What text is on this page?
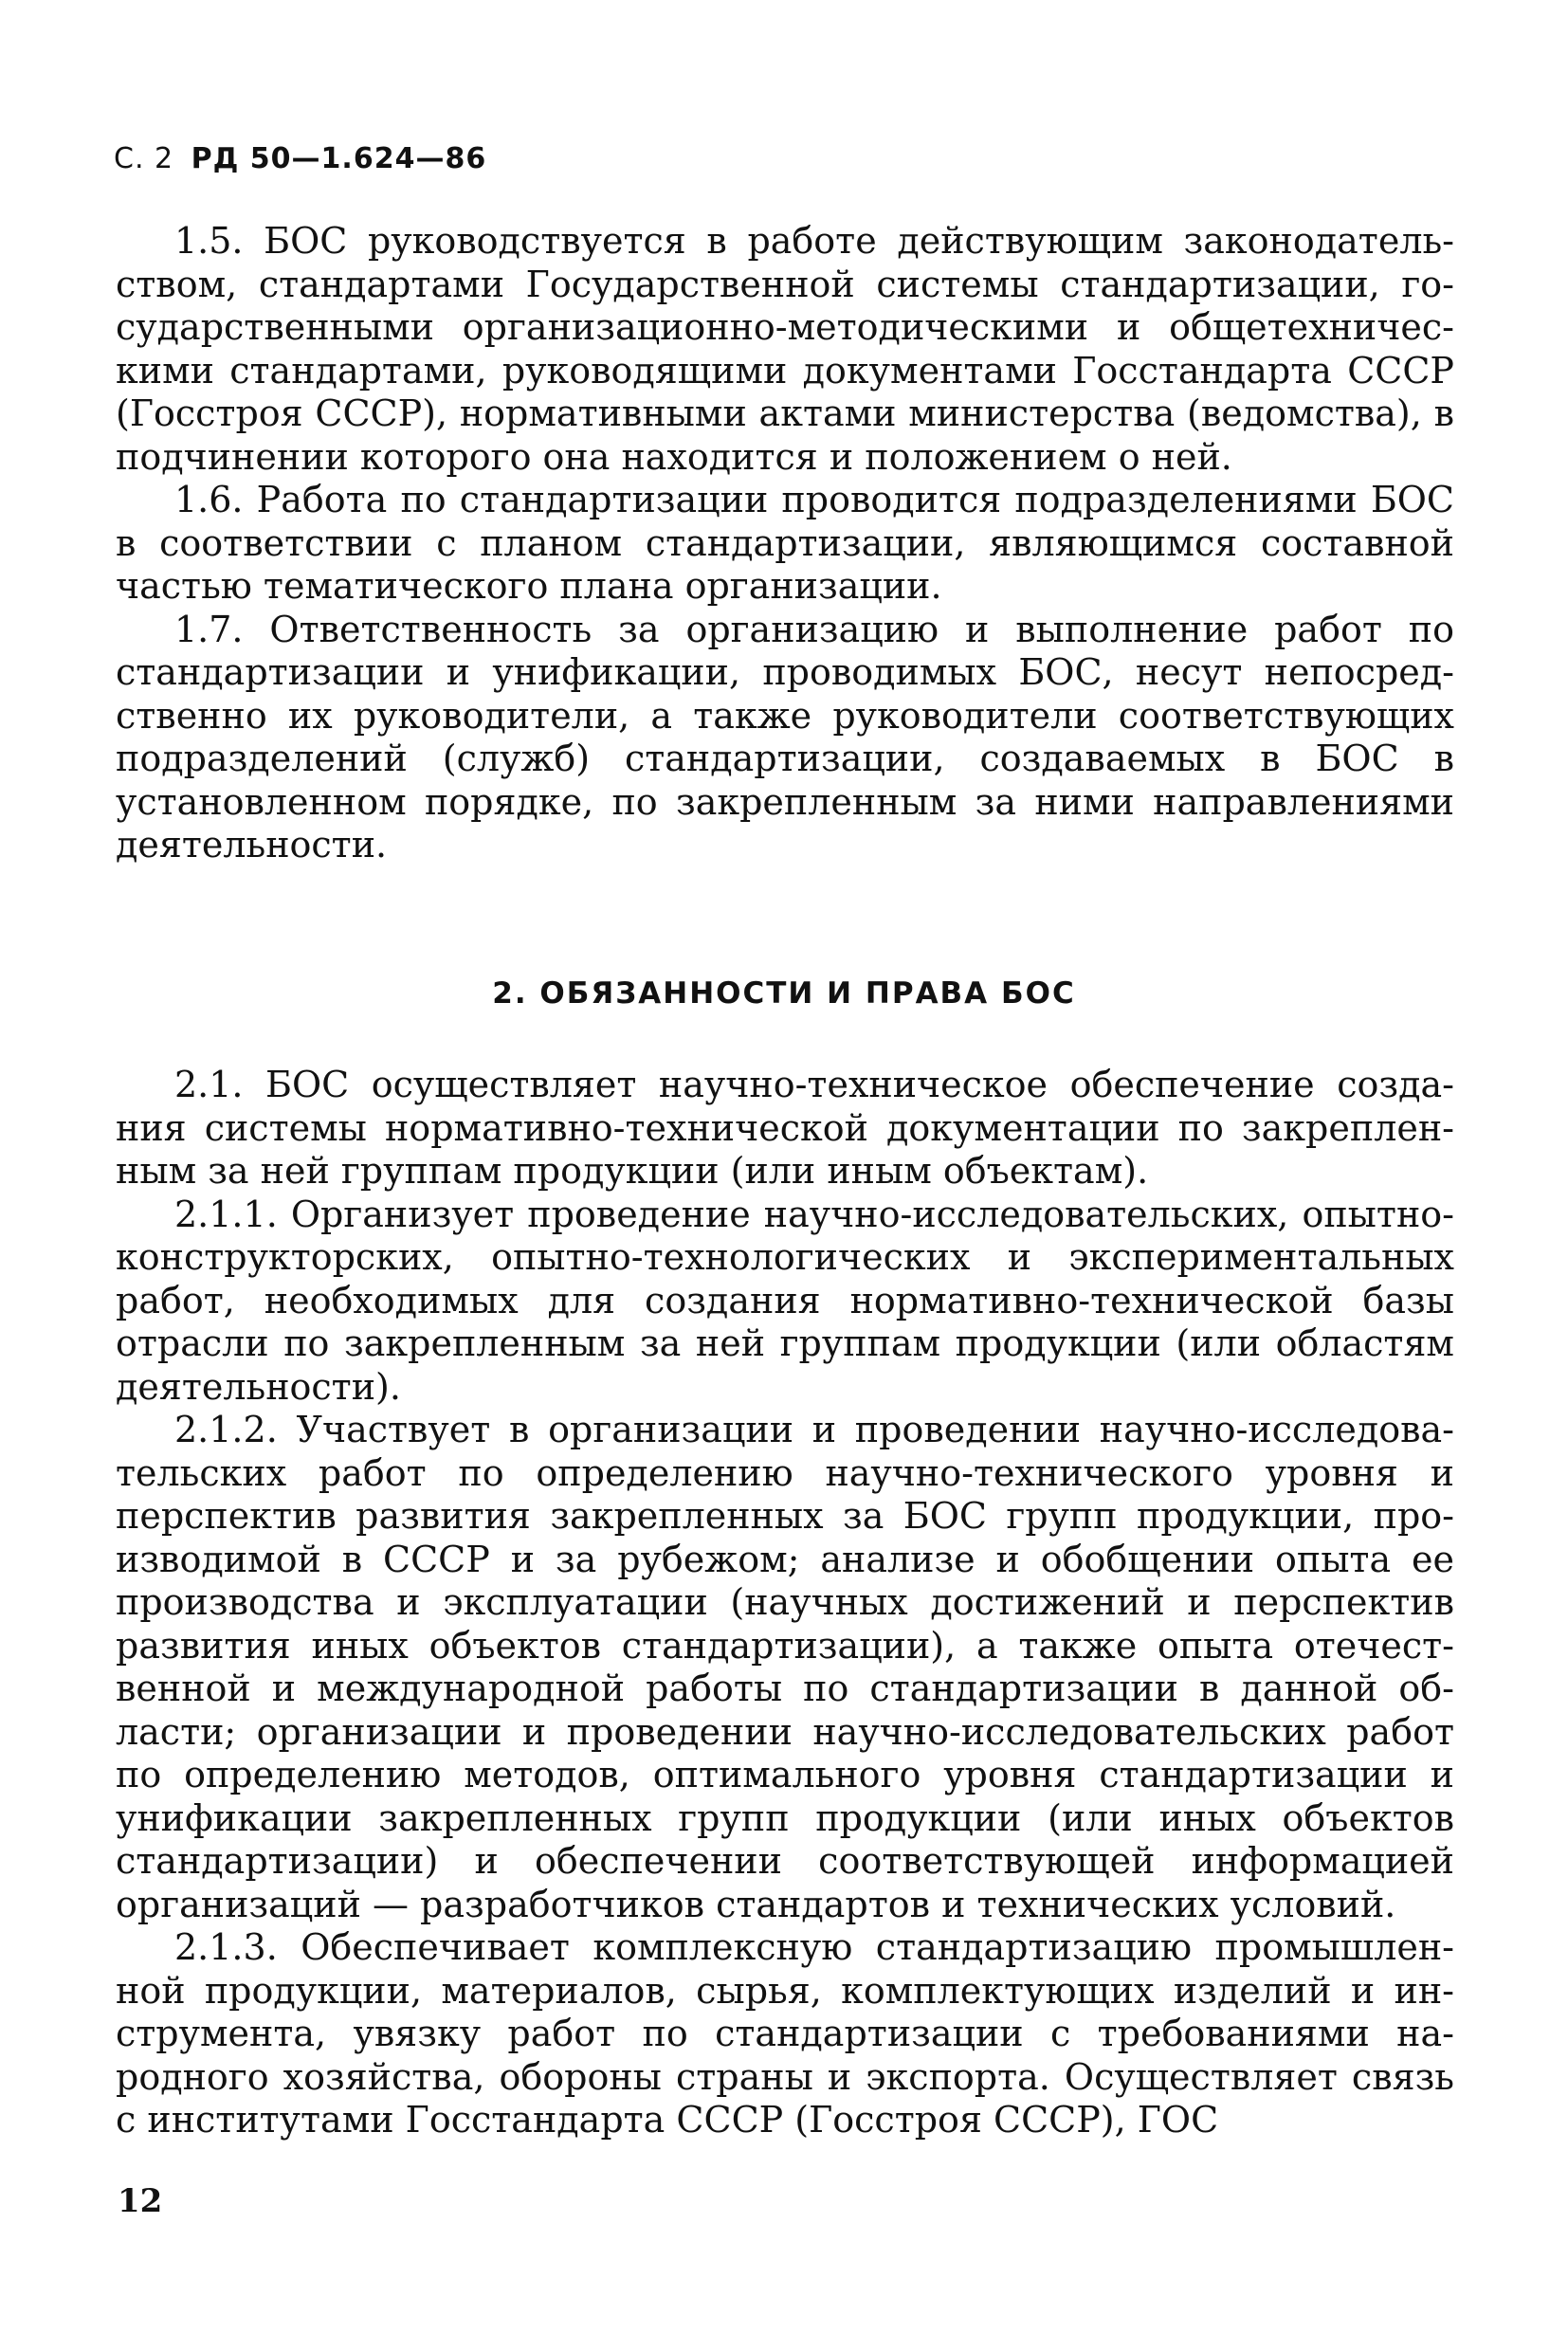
С. 2 РД 50—1.624—86

1.5. БОС руководствуется в работе действующим законодательством, стандартами Государственной системы стандартизации, государственными организационно-методическими и общетехническими стандартами, руководящими документами Госстандарта СССР (Госстроя СССР), нормативными актами министерства (ведомства), в подчинении которого она находится и положением о ней.

1.6. Работа по стандартизации проводится подразделениями БОС в соответствии с планом стандартизации, являющимся составной частью тематического плана организации.

1.7. Ответственность за организацию и выполнение работ по стандартизации и унификации, проводимых БОС, несут непосредственно их руководители, а также руководители соответствующих подразделений (служб) стандартизации, создаваемых в БОС в установленном порядке, по закрепленным за ними направлениями деятельности.

2. ОБЯЗАННОСТИ И ПРАВА БОС

2.1. БОС осуществляет научно-техническое обеспечение создания системы нормативно-технической документации по закрепленным за ней группам продукции (или иным объектам).

2.1.1. Организует проведение научно-исследовательских, опытно-конструкторских, опытно-технологических и экспериментальных работ, необходимых для создания нормативно-технической базы отрасли по закрепленным за ней группам продукции (или областям деятельности).

2.1.2. Участвует в организации и проведении научно-исследовательских работ по определению научно-технического уровня и перспектив развития закрепленных за БОС групп продукции, производимой в СССР и за рубежом; анализе и обобщении опыта ее производства и эксплуатации (научных достижений и перспектив развития иных объектов стандартизации), а также опыта отечественной и международной работы по стандартизации в данной области; организации и проведении научно-исследовательских работ по определению методов, оптимального уровня стандартизации и унификации закрепленных групп продукции (или иных объектов стандартизации) и обеспечении соответствующей информацией организаций — разработчиков стандартов и технических условий.

2.1.3. Обеспечивает комплексную стандартизацию промышленной продукции, материалов, сырья, комплектующих изделий и инструмента, увязку работ по стандартизации с требованиями народного хозяйства, обороны страны и экспорта. Осуществляет связь с институтами Госстандарта СССР (Госстроя СССР), ГОС

12
